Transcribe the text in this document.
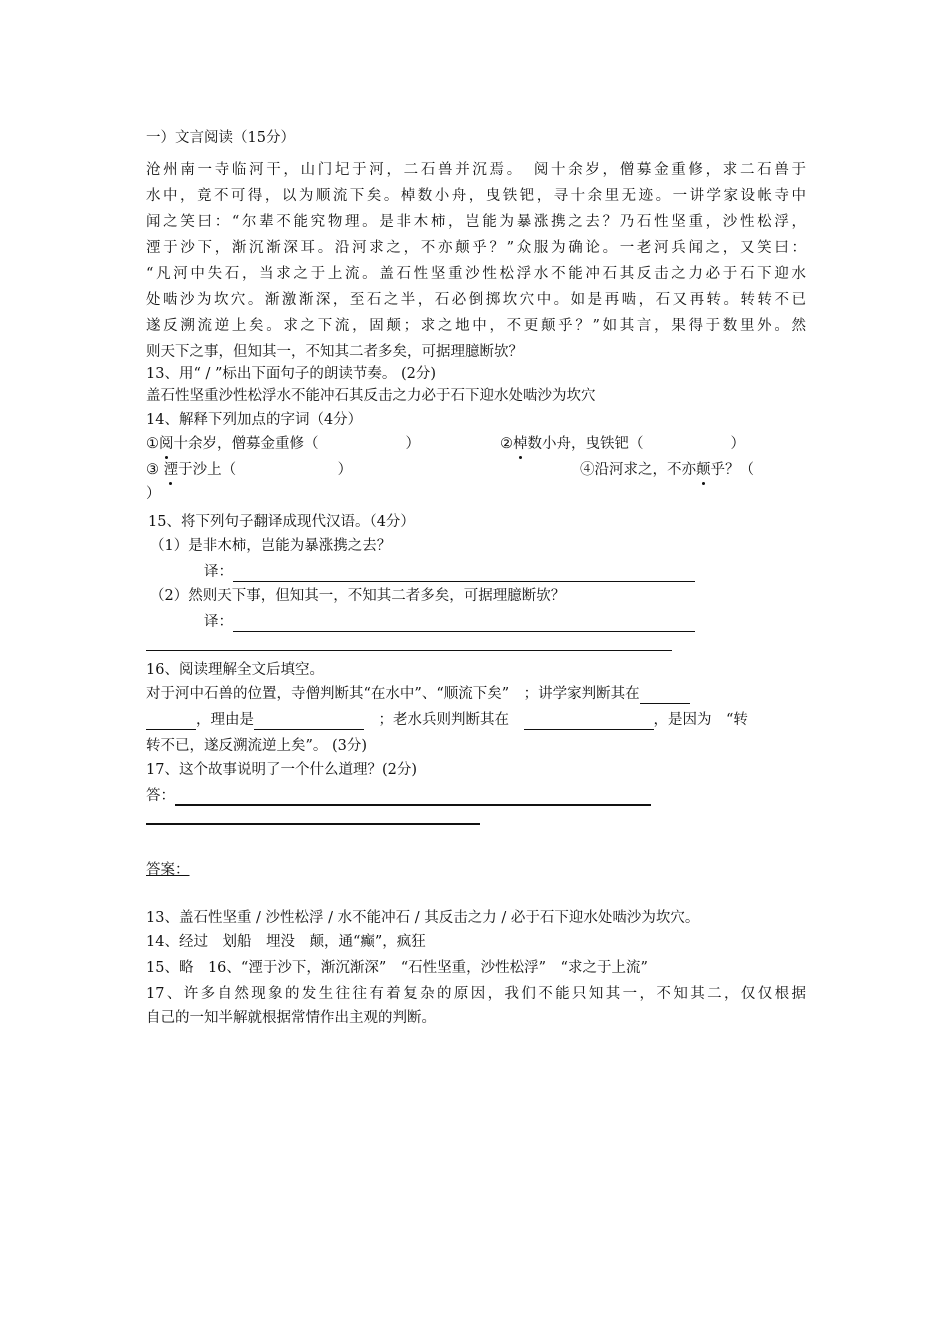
一）文言阅读（15分）
沧州南一寺临河干，山门圮于河，二石兽并沉焉。　阅十余岁，僧募金重修，求二石兽于
水中，竟不可得，以为顺流下矣。棹数小舟，曳铁钯，寻十余里无迹。一讲学家设帐寺中
闻之笑曰：“尔辈不能究物理。是非木柿，岂能为暴涨携之去？乃石性坚重，沙性松浮，
湮于沙下，渐沉渐深耳。沿河求之，不亦颠乎？”众服为确论。一老河兵闻之，又笑曰：
“凡河中失石，当求之于上流。盖石性坚重沙性松浮水不能冲石其反击之力必于石下迎水
处啮沙为坎穴。渐激渐深，至石之半，石必倒掷坎穴中。如是再啮，石又再转。转转不已
遂反溯流逆上矣。求之下流，固颠；求之地中，不更颠乎？”如其言，果得于数里外。然
则天下之事，但知其一，不知其二者多矣，可据理臆断欤？
13、用“ / ”标出下面句子的朗读节奏。 (2分)
盖石性坚重沙性松浮水不能冲石其反击之力必于石下迎水处啮沙为坎穴
14、解释下列加点的字词（4分）
①阅十余岁，僧募金重修（　　　　　　）	②棹数小舟，曳铁钯（　　　　　　）
③ 湮于沙上（　　　　　　　）	④沿河求之，不亦颠乎？（
）
15、将下列句子翻译成现代汉语。（4分）
（1）是非木柿，岂能为暴涨携之去？
译：
（2）然则天下事，但知其一，不知其二者多矣，可据理臆断欤？
译：
16、阅读理解全文后填空。
对于河中石兽的位置，寺僧判断其“在水中”、“顺流下矣”　；讲学家判断其在
，理由是　	；老水兵则判断其在　	，是因为　“转
转不已，遂反溯流逆上矣”。 (3分)
17、这个故事说明了一个什么道理？(2分)
答：
答案：
13、盖石性坚重 / 沙性松浮 / 水不能冲石 / 其反击之力 / 必于石下迎水处啮沙为坎穴。
14、经过　划船　埋没　颠，通“癫”，疯狂
15、略　16、“湮于沙下，渐沉渐深”　“石性坚重，沙性松浮”　“求之于上流”
17、许多自然现象的发生往往有着复杂的原因，我们不能只知其一，不知其二，仅仅根据
自己的一知半解就根据常情作出主观的判断。
